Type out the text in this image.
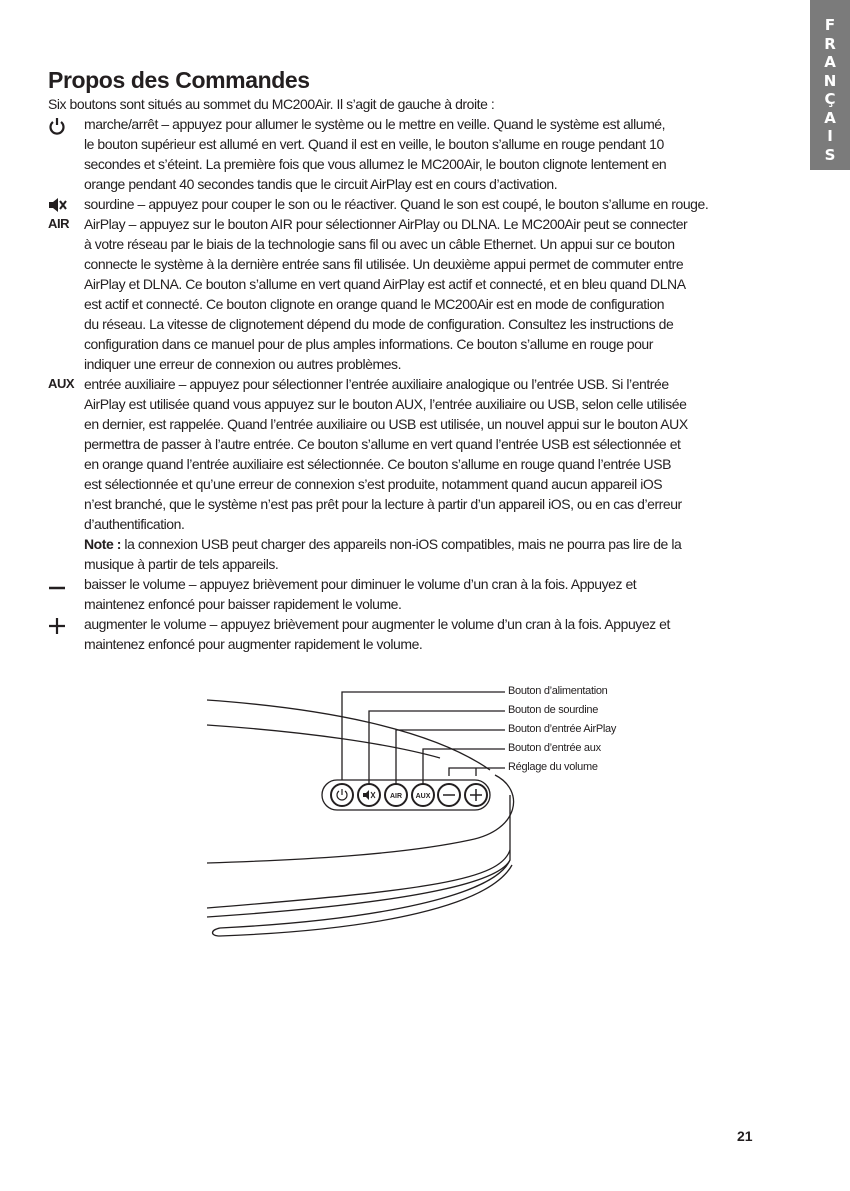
F
R
A
N
Ç
A
I
S
Propos des Commandes
Six boutons sont situés au sommet du MC200Air. Il s’agit de gauche à droite :
marche/arrêt – appuyez pour allumer le système ou le mettre en veille. Quand le système est allumé,
le bouton supérieur est allumé en vert. Quand il est en veille, le bouton s’allume en rouge pendant 10
secondes et s’éteint. La première fois que vous allumez le MC200Air, le bouton clignote lentement en
orange pendant 40 secondes tandis que le circuit AirPlay est en cours d’activation.
sourdine – appuyez pour couper le son ou le réactiver. Quand le son est coupé, le bouton s’allume en rouge.
AIR	AirPlay – appuyez sur le bouton AIR pour sélectionner AirPlay ou DLNA. Le MC200Air peut se connecter
à votre réseau par le biais de la technologie sans fil ou avec un câble Ethernet. Un appui sur ce bouton
connecte le système à la dernière entrée sans fil utilisée. Un deuxième appui permet de commuter entre
AirPlay et DLNA. Ce bouton s’allume en vert quand AirPlay est actif et connecté, et en bleu quand DLNA
est actif et connecté. Ce bouton clignote en orange quand le MC200Air est en mode de configuration
du réseau. La vitesse de clignotement dépend du mode de configuration. Consultez les instructions de
configuration dans ce manuel pour de plus amples informations. Ce bouton s’allume en rouge pour
indiquer une erreur de connexion ou autres problèmes.
AUX entrée auxiliaire – appuyez pour sélectionner l’entrée auxiliaire analogique ou l’entrée USB. Si l’entrée
AirPlay est utilisée quand vous appuyez sur le bouton AUX, l’entrée auxiliaire ou USB, selon celle utilisée
en dernier, est rappelée. Quand l’entrée auxiliaire ou USB est utilisée, un nouvel appui sur le bouton AUX
permettra de passer à l’autre entrée. Ce bouton s’allume en vert quand l’entrée USB est sélectionnée et
en orange quand l’entrée auxiliaire est sélectionnée. Ce bouton s’allume en rouge quand l’entrée USB
est sélectionnée et qu’une erreur de connexion s’est produite, notamment quand aucun appareil iOS
n’est branché, que le système n’est pas prêt pour la lecture à partir d’un appareil iOS, ou en cas d’erreur
d’authentification.
Note : la connexion USB peut charger des appareils non-iOS compatibles, mais ne pourra pas lire de la
musique à partir de tels appareils.
baisser le volume – appuyez brièvement pour diminuer le volume d’un cran à la fois. Appuyez et
maintenez enfoncé pour baisser rapidement le volume.
augmenter le volume – appuyez brièvement pour augmenter le volume d’un cran à la fois. Appuyez et
maintenez enfoncé pour augmenter rapidement le volume.
AIR AUX
Bouton d’alimentation
Bouton de sourdine
Bouton d’entrée AirPlay
Bouton d’entrée aux
Réglage du volume
21
